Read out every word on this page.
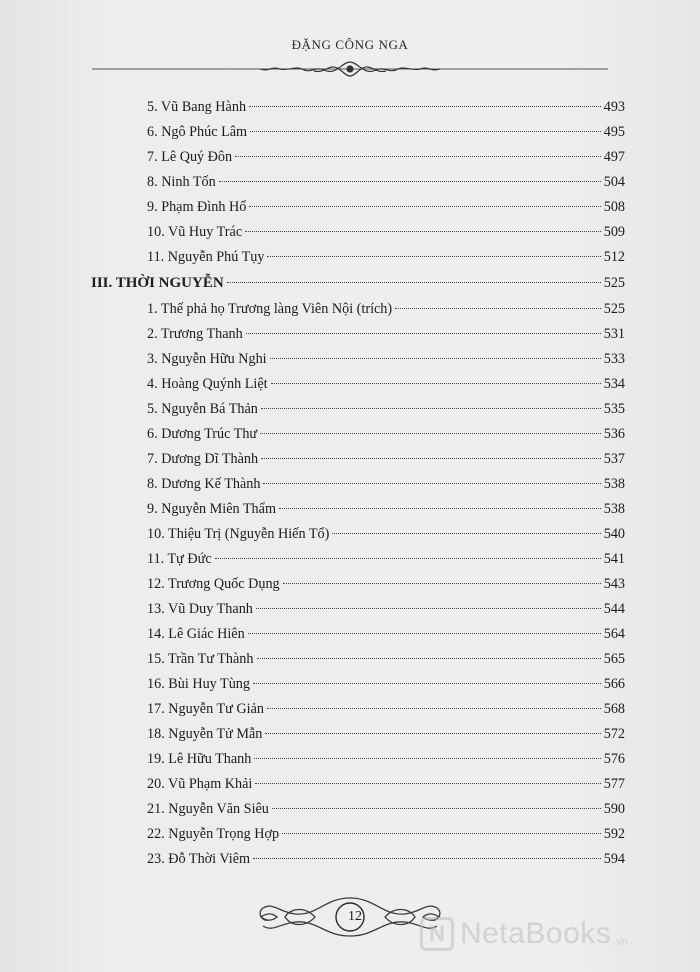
ĐẶNG CÔNG NGA
5. Vũ Bang Hành	493
6. Ngô Phúc Lâm	495
7. Lê Quý Đôn	497
8. Ninh Tốn	504
9. Phạm Đình Hổ	508
10. Vũ Huy Trác	509
11. Nguyễn Phú Tụy	512
III. THỜI NGUYỄN	525
1. Thế phả họ Trương làng Viên Nội (trích)	525
2. Trương Thanh	531
3. Nguyễn Hữu Nghi	533
4. Hoàng Quýnh Liệt	534
5. Nguyễn Bá Thản	535
6. Dương Trúc Thư	536
7. Dương Dĩ Thành	537
8. Dương Kế Thành	538
9. Nguyễn Miên Thẩm	538
10. Thiệu Trị (Nguyễn Hiến Tổ)	540
11. Tự Đức	541
12. Trương Quốc Dụng	543
13. Vũ Duy Thanh	544
14. Lê Giác Hiên	564
15. Trần Tư Thành	565
16. Bùi Huy Tùng	566
17. Nguyễn Tư Giản	568
18. Nguyễn Tử Mẫn	572
19. Lê Hữu Thanh	576
20. Vũ Phạm Khải	577
21. Nguyễn Văn Siêu	590
22. Nguyễn Trọng Hợp	592
23. Đỗ Thời Viêm	594
12
N NetaBooks .vn
